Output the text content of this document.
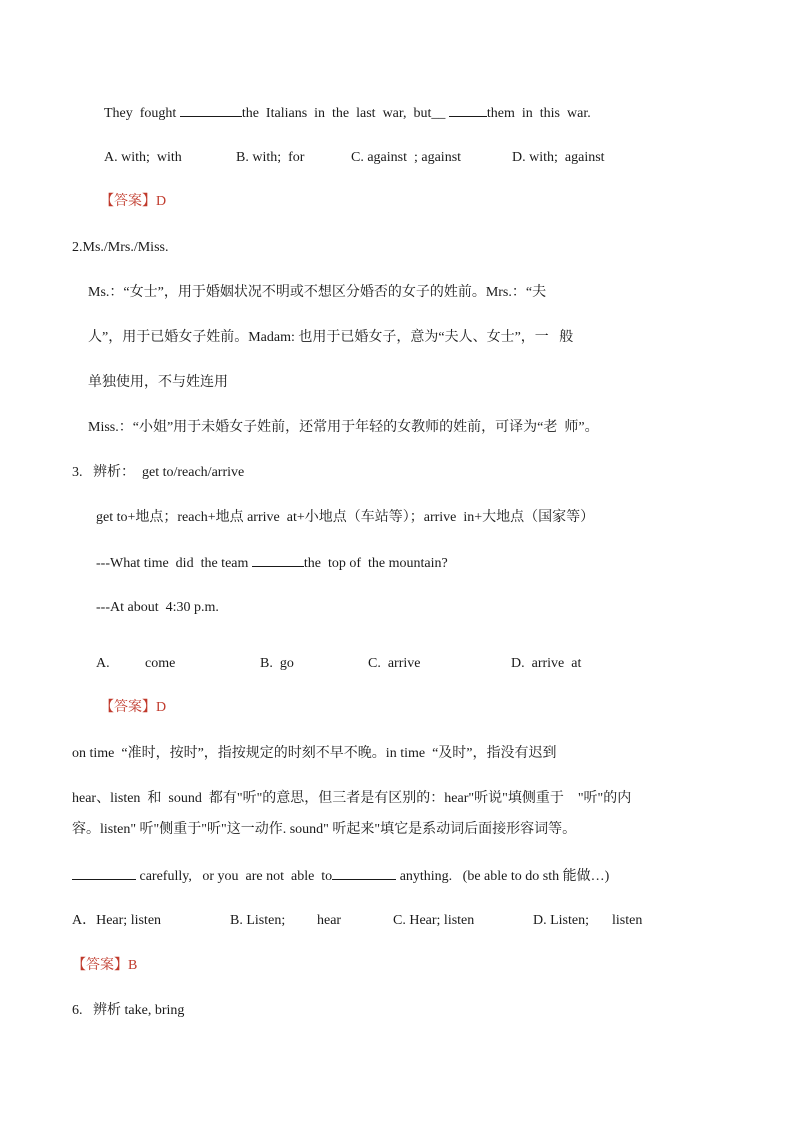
They  fought	the  Italians  in  the  last  war,  but__	them  in  this  war.
A. with;  with	B. with;  for	C. against  ; against	D. with;  against
【答案】D
2.Ms./Mrs./Miss.
Ms.：“女士”，用于婚姻状况不明或不想区分婚否的女子的姓前。Mrs.：“夫
人”，用于已婚女子姓前。Madam: 也用于已婚女子，意为“夫人、女士”，一   般
单独使用，不与姓连用
Miss.：“小姐”用于未婚女子姓前，还常用于年轻的女教师的姓前，可译为“老  师”。
3. 辨析：  get to/reach/arrive
get to+地点；reach+地点 arrive  at+小地点（车站等）；arrive  in+大地点（国家等）
---What time  did  the team	the  top of  the mountain?
---At about  4:30 p.m.
A.	come	B.  go	C.  arrive	D.  arrive  at
【答案】D
on time  “准时，按时”，指按规定的时刻不早不晚。in time  “及时”，指没有迟到
hear、listen  和  sound  都有"听"的意思，但三者是有区别的：hear"听说"填侧重于    "听"的内
容。listen" 听"侧重于"听"这一动作. sound" 听起来"填它是系动词后面接形容词等。
carefully,   or you  are not  able  to	anything.   (be able to do sth 能做…)
A．Hear; listen	B. Listen; hear	C. Hear; listen	D. Listen; listen
【答案】B
6. 辨析 take, bring
